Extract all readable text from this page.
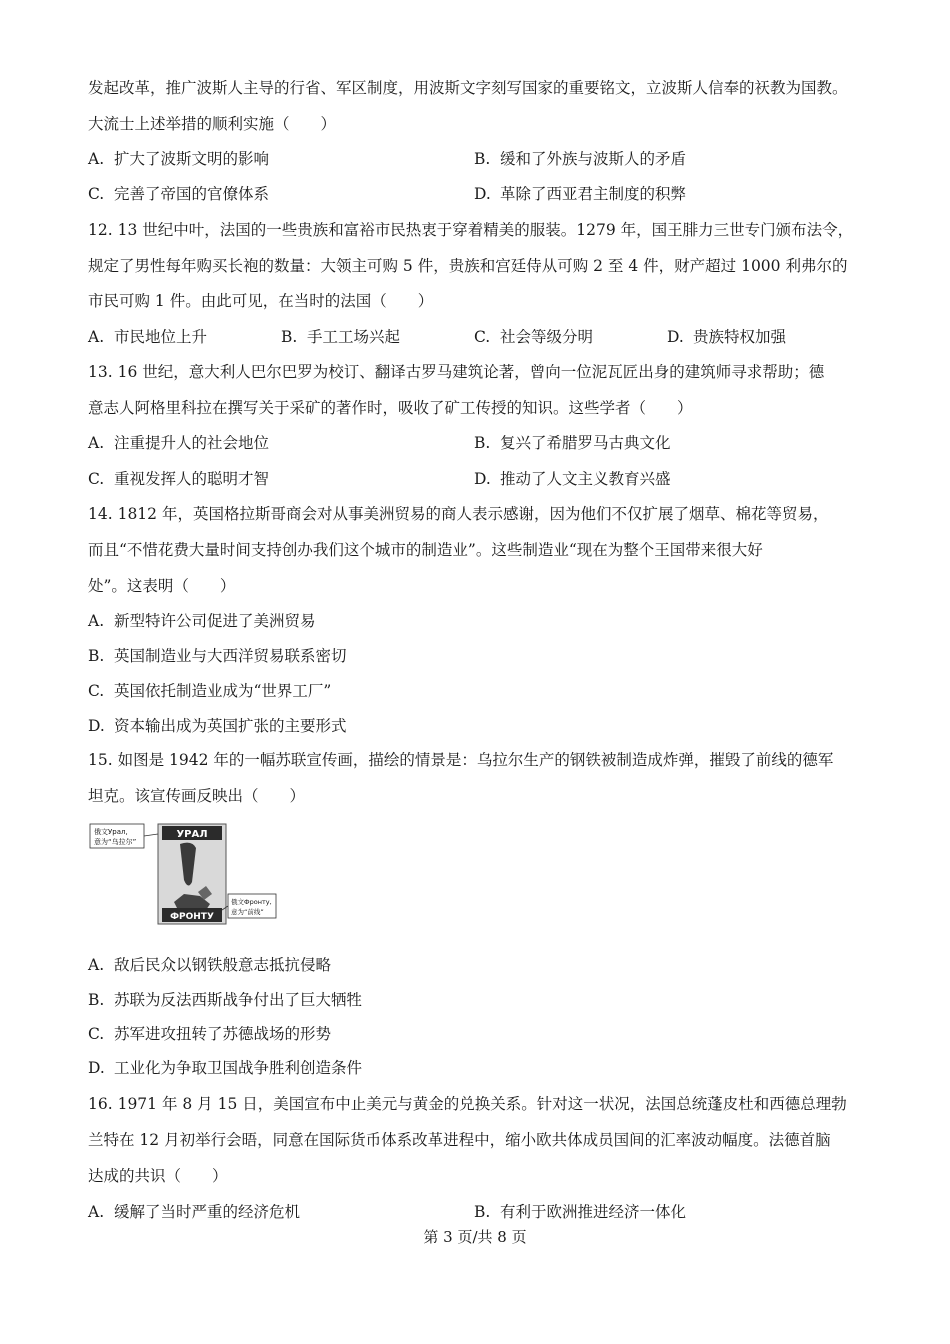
发起改革，推广波斯人主导的行省、军区制度，用波斯文字刻写国家的重要铭文，立波斯人信奉的祆教为国教。
大流士上述举措的顺利实施（　　）
A. 扩大了波斯文明的影响	B. 缓和了外族与波斯人的矛盾
C. 完善了帝国的官僚体系	D. 革除了西亚君主制度的积弊
12. 13 世纪中叶，法国的一些贵族和富裕市民热衷于穿着精美的服装。1279 年，国王腓力三世专门颁布法令，
规定了男性每年购买长袍的数量：大领主可购 5 件，贵族和宫廷侍从可购 2 至 4 件，财产超过 1000 利弗尔的
市民可购 1 件。由此可见，在当时的法国（　　）
A. 市民地位上升	B. 手工工场兴起	C. 社会等级分明	D. 贵族特权加强
13. 16 世纪，意大利人巴尔巴罗为校订、翻译古罗马建筑论著，曾向一位泥瓦匠出身的建筑师寻求帮助；德
意志人阿格里科拉在撰写关于采矿的著作时，吸收了矿工传授的知识。这些学者（　　）
A. 注重提升人的社会地位	B. 复兴了希腊罗马古典文化
C. 重视发挥人的聪明才智	D. 推动了人文主义教育兴盛
14. 1812 年，英国格拉斯哥商会对从事美洲贸易的商人表示感谢，因为他们不仅扩展了烟草、棉花等贸易，
而且“不惜花费大量时间支持创办我们这个城市的制造业”。这些制造业“现在为整个王国带来很大好
处”。这表明（　　）
A. 新型特许公司促进了美洲贸易
B. 英国制造业与大西洋贸易联系密切
C. 英国依托制造业成为“世界工厂”
D. 资本输出成为英国扩张的主要形式
15. 如图是 1942 年的一幅苏联宣传画，描绘的情景是：乌拉尔生产的钢铁被制造成炸弹，摧毁了前线的德军
坦克。该宣传画反映出（　　）
УРАЛ
ФРОНТУ
俄文Урал,
意为“乌拉尔”
俄文Фронту,
意为“前线”
A. 敌后民众以钢铁般意志抵抗侵略
B. 苏联为反法西斯战争付出了巨大牺牲
C. 苏军进攻扭转了苏德战场的形势
D. 工业化为争取卫国战争胜利创造条件
16. 1971 年 8 月 15 日，美国宣布中止美元与黄金的兑换关系。针对这一状况，法国总统蓬皮杜和西德总理勃
兰特在 12 月初举行会晤，同意在国际货币体系改革进程中，缩小欧共体成员国间的汇率波动幅度。法德首脑
达成的共识（　　）
A. 缓解了当时严重的经济危机	B. 有利于欧洲推进经济一体化
第 3 页/共 8 页
